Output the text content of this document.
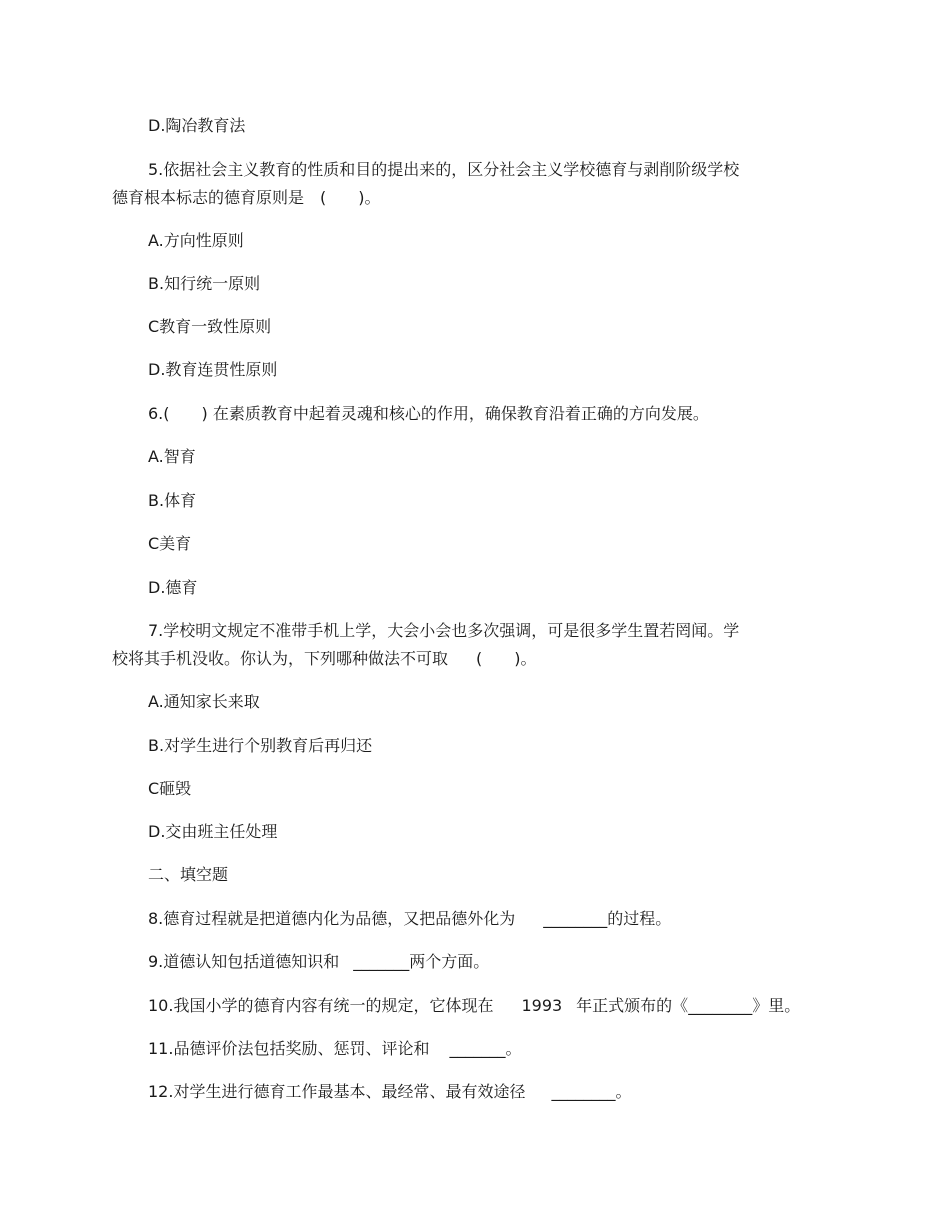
D.陶冶教育法
5.依据社会主义教育的性质和目的提出来的，区分社会主义学校德育与剥削阶级学校
德育根本标志的德育原则是 (　　)。
A.方向性原则
B.知行统一原则
C教育一致性原则
D.教育连贯性原则
6.(　　) 在素质教育中起着灵魂和核心的作用，确保教育沿着正确的方向发展。
A.智育
B.体育
C美育
D.德育
7.学校明文规定不准带手机上学，大会小会也多次强调，可是很多学生置若罔闻。学
校将其手机没收。你认为，下列哪种做法不可取 (　　)。
A.通知家长来取
B.对学生进行个别教育后再归还
C砸毁
D.交由班主任处理
二、填空题
8.德育过程就是把道德内化为品德，又把品德外化为 ________的过程。
9.道德认知包括道德知识和 _______两个方面。
10.我国小学的德育内容有统一的规定，它体现在 1993 年正式颁布的《________》里。
11.品德评价法包括奖励、惩罚、评论和 _______。
12.对学生进行德育工作最基本、最经常、最有效途径 ________。
